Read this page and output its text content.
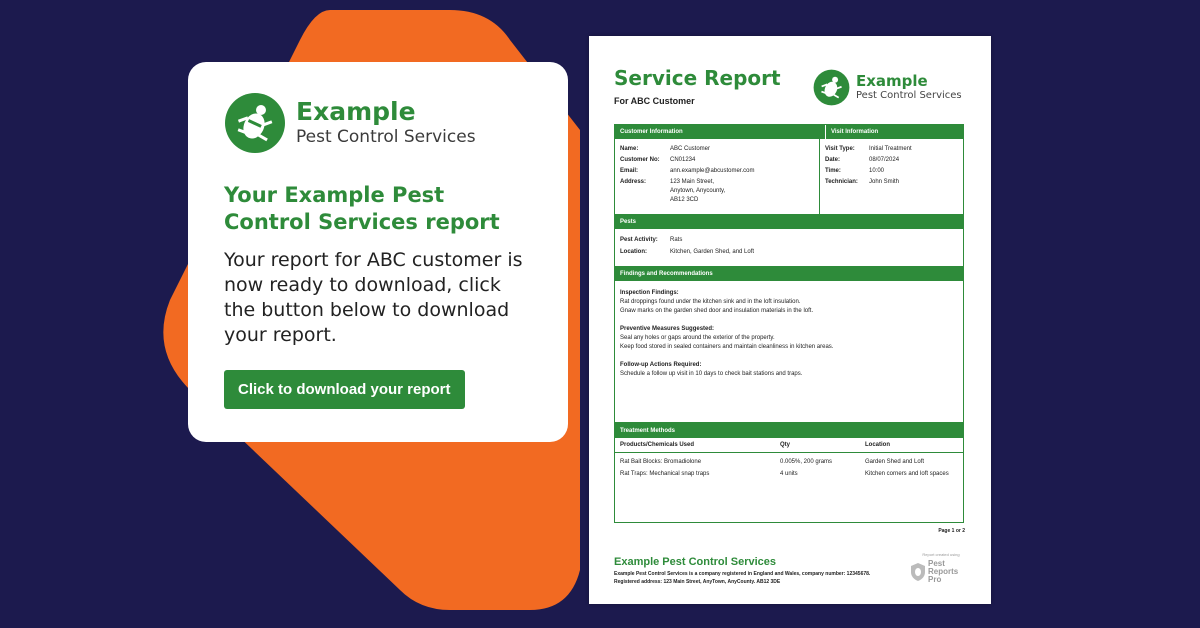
Example
Pest Control Services
Your Example Pest Control Services report

Your report for ABC customer is now ready to download, click the button below to download your report.

Click to download your report
Service Report
For ABC Customer
Example
Pest Control Services
Customer Information	Visit Information
Name:	ABC Customer
Customer No: CN01234
Email:	ann.example@abcustomer.com
Address:	123 Main Street,
Anytown, Anycounty,
AB12 3CD
Visit Type: Initial Treatment
Date:	08/07/2024
Time:	10:00
Technician: John Smith
Pests
Pest Activity: Rats
Location:	Kitchen, Garden Shed, and Loft
Findings and Recommendations
Inspection Findings:
Rat droppings found under the kitchen sink and in the loft insulation.
Gnaw marks on the garden shed door and insulation materials in the loft.
Preventive Measures Suggested:
Seal any holes or gaps around the exterior of the property.
Keep food stored in sealed containers and maintain cleanliness in kitchen areas.
Follow-up Actions Required:
Schedule a follow up visit in 10 days to check bait stations and traps.
Treatment Methods
Products/Chemicals Used	Qty	Location
Rat Bait Blocks: Bromadiolone	0.005%, 200 grams	Garden Shed and Loft
Rat Traps: Mechanical snap traps	4 units	Kitchen corners and loft spaces
Page 1 or 2
Example Pest Control Services
Example Pest Control Services is a company registered in England and Wales, company number: 12345678.
Registered address: 123 Main Street, AnyTown, AnyCounty. AB12 3DE
Report created using
Pest
Reports
Pro
